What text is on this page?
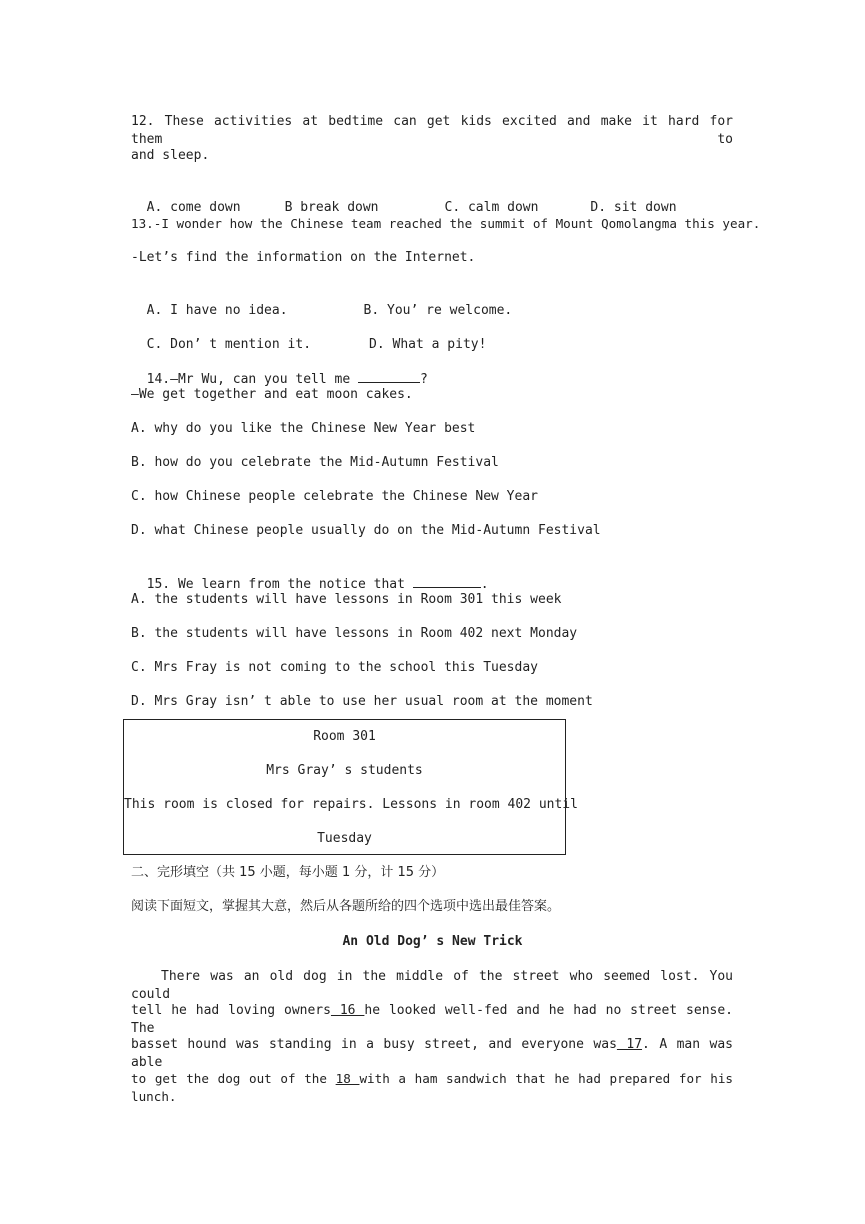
12. These activities at bedtime can get kids excited and make it hard for them to
and sleep.

A. come down	B break down	C. calm down	D. sit down

13.-I wonder how the Chinese team reached the summit of Mount Qomolangma this year.
-Let’s find the information on the Internet.

A. I have no idea.	B. You’ re welcome.

C. Don’ t mention it.	D. What a pity!

14.—Mr Wu, can you tell me	?

—We get together and eat moon cakes.
A. why do you like the Chinese New Year best
B. how do you celebrate the Mid-Autumn Festival
C. how Chinese people celebrate the Chinese New Year
D. what Chinese people usually do on the Mid-Autumn Festival

15. We learn from the notice that	.

A. the students will have lessons in Room 301 this week
B. the students will have lessons in Room 402 next Monday
C. Mrs Fray is not coming to the school this Tuesday
D. Mrs Gray isn’ t able to use her usual room at the moment
Room 301
Mrs Gray’ s students
This room is closed for repairs. Lessons in room 402 until
Tuesday
二、完形填空（共 15 小题，每小题 1 分，计 15 分）
阅读下面短文，掌握其大意，然后从各题所给的四个选项中选出最佳答案。
An Old Dog’ s New Trick
There was an old dog in the middle of the street who seemed lost. You could
tell he had loving owners 16 he looked well-fed and he had no street sense. The
basset hound was standing in a busy street, and everyone was 17. A man was able
to get the dog out of the 18 with a ham sandwich that he had prepared for his lunch.
